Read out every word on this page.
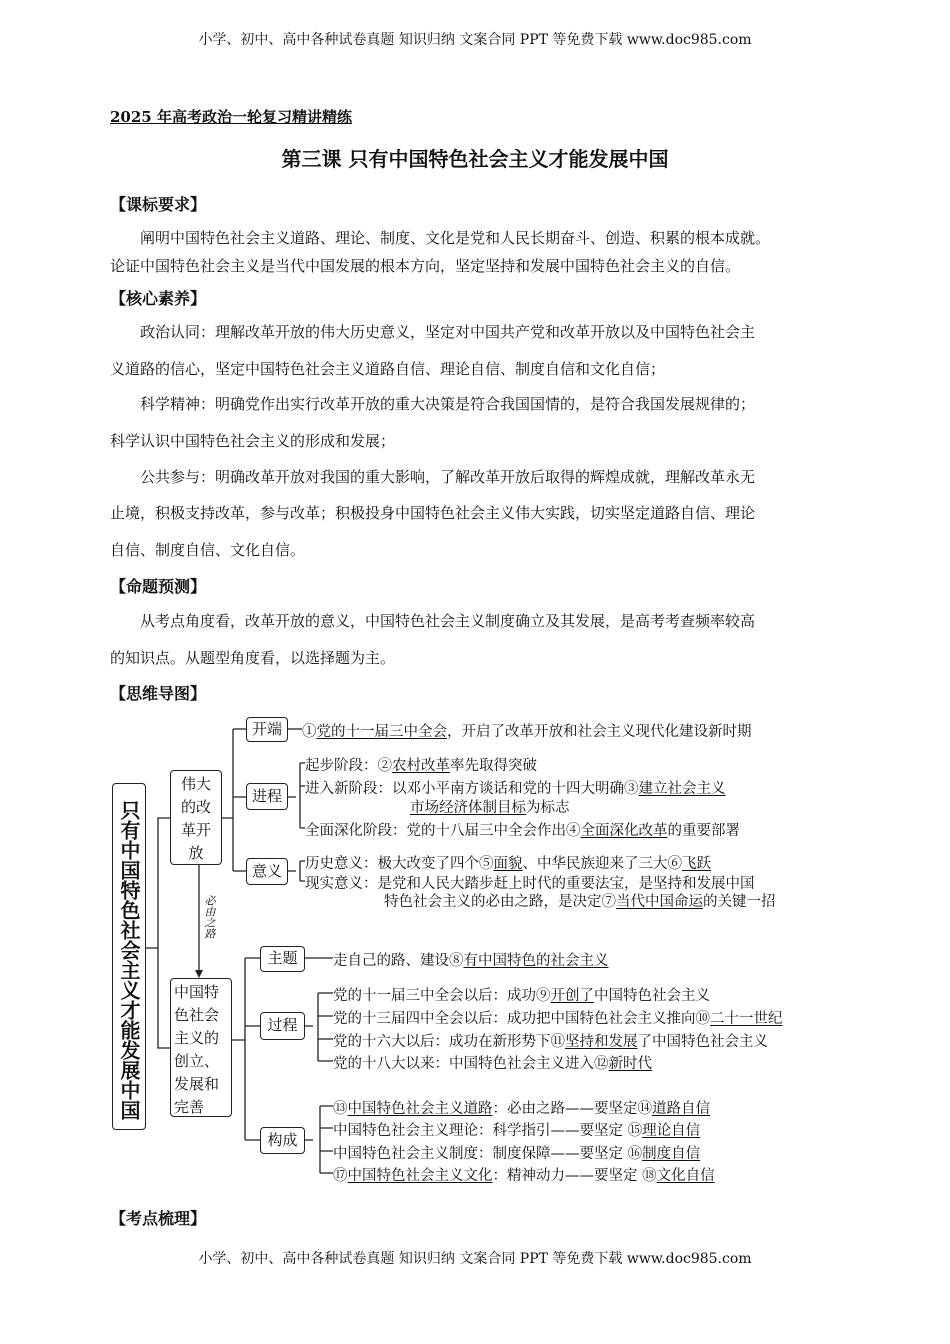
小学、初中、高中各种试卷真题 知识归纳 文案合同 PPT 等免费下载 www.doc985.com
2025 年高考政治一轮复习精讲精练
第三课 只有中国特色社会主义才能发展中国
【课标要求】
　　阐明中国特色社会主义道路、理论、制度、文化是党和人民长期奋斗、创造、积累的根本成就。
论证中国特色社会主义是当代中国发展的根本方向，坚定坚持和发展中国特色社会主义的自信。
【核心素养】
　　政治认同：理解改革开放的伟大历史意义，坚定对中国共产党和改革开放以及中国特色社会主
义道路的信心，坚定中国特色社会主义道路自信、理论自信、制度自信和文化自信；
　　科学精神：明确党作出实行改革开放的重大决策是符合我国国情的，是符合我国发展规律的；
科学认识中国特色社会主义的形成和发展；
　　公共参与：明确改革开放对我国的重大影响，了解改革开放后取得的辉煌成就，理解改革永无
止境，积极支持改革，参与改革；积极投身中国特色社会主义伟大实践，切实坚定道路自信、理论
自信、制度自信、文化自信。
【命题预测】
　　从考点角度看，改革开放的意义，中国特色社会主义制度确立及其发展，是高考考查频率较高
的知识点。从题型角度看，以选择题为主。
【思维导图】
只有中国特色社会主义才能发展中国
伟大的改革开放
中国特色社会主义的创立、发展和完善
必由之路
开端
进程
意义
主题
过程
构成
①党的十一届三中全会，开启了改革开放和社会主义现代化建设新时期
起步阶段：②农村改革率先取得突破
进入新阶段：以邓小平南方谈话和党的十四大明确③建立社会主义
市场经济体制目标为标志
全面深化阶段：党的十八届三中全会作出④全面深化改革的重要部署
历史意义：极大改变了四个⑤面貌、中华民族迎来了三大⑥飞跃
现实意义：是党和人民大踏步赶上时代的重要法宝，是坚持和发展中国
特色社会主义的必由之路，是决定⑦当代中国命运的关键一招
走自己的路、建设⑧有中国特色的社会主义
党的十一届三中全会以后：成功⑨开创了中国特色社会主义
党的十三届四中全会以后：成功把中国特色社会主义推向⑩二十一世纪
党的十六大以后：成功在新形势下⑪坚持和发展了中国特色社会主义
党的十八大以来：中国特色社会主义进入⑫新时代
⑬中国特色社会主义道路：必由之路——要坚定⑭道路自信
中国特色社会主义理论：科学指引——要坚定 ⑮理论自信
中国特色社会主义制度：制度保障——要坚定 ⑯制度自信
⑰中国特色社会主义文化：精神动力——要坚定 ⑱文化自信
【考点梳理】
小学、初中、高中各种试卷真题 知识归纳 文案合同 PPT 等免费下载 www.doc985.com
